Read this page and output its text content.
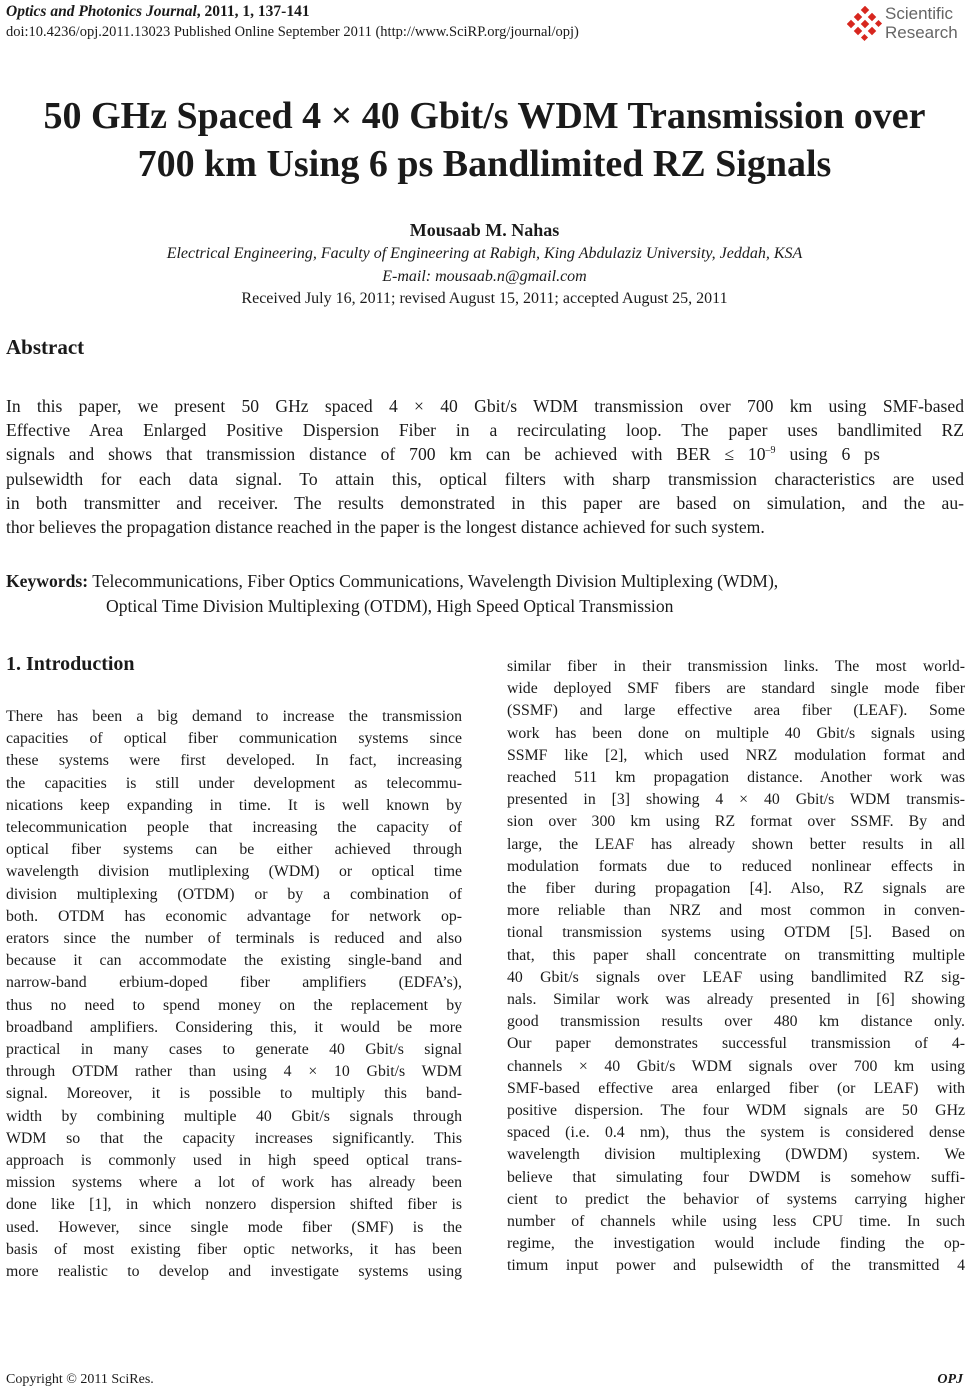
Optics and Photonics Journal, 2011, 1, 137-141
doi:10.4236/opj.2011.13023 Published Online September 2011 (http://www.SciRP.org/journal/opj)
Scientific
Research
50 GHz Spaced 4 × 40 Gbit/s WDM Transmission over
700 km Using 6 ps Bandlimited RZ Signals
Mousaab M. Nahas
Electrical Engineering, Faculty of Engineering at Rabigh, King Abdulaziz University, Jeddah, KSA
E-mail: mousaab.n@gmail.com
Received July 16, 2011; revised August 15, 2011; accepted August 25, 2011
Abstract
In this paper, we present 50 GHz spaced 4 × 40 Gbit/s WDM transmission over 700 km using SMF-based
Effective Area Enlarged Positive Dispersion Fiber in a recirculating loop. The paper uses bandlimited RZ
signals and shows that transmission distance of 700 km can be achieved with BER ≤ $10^{-9}$ using 6 ps
pulsewidth for each data signal. To attain this, optical filters with sharp transmission characteristics are used
in both transmitter and receiver. The results demonstrated in this paper are based on simulation, and the au-
thor believes the propagation distance reached in the paper is the longest distance achieved for such system.
Keywords: Telecommunications, Fiber Optics Communications, Wavelength Division Multiplexing (WDM),
Optical Time Division Multiplexing (OTDM), High Speed Optical Transmission
1. Introduction
There has been a big demand to increase the transmission
capacities of optical fiber communication systems since
these systems were first developed. In fact, increasing
the capacities is still under development as telecommu-
nications keep expanding in time. It is well known by
telecommunication people that increasing the capacity of
optical fiber systems can be either achieved through
wavelength division mutliplexing (WDM) or optical time
division multiplexing (OTDM) or by a combination of
both. OTDM has economic advantage for network op-
erators since the number of terminals is reduced and also
because it can accommodate the existing single-band and
narrow-band erbium-doped fiber amplifiers (EDFA’s),
thus no need to spend money on the replacement by
broadband amplifiers. Considering this, it would be more
practical in many cases to generate 40 Gbit/s signal
through OTDM rather than using 4 × 10 Gbit/s WDM
signal. Moreover, it is possible to multiply this band-
width by combining multiple 40 Gbit/s signals through
WDM so that the capacity increases significantly. This
approach is commonly used in high speed optical trans-
mission systems where a lot of work has already been
done like [1], in which nonzero dispersion shifted fiber is
used. However, since single mode fiber (SMF) is the
basis of most existing fiber optic networks, it has been
more realistic to develop and investigate systems using
similar fiber in their transmission links. The most world-
wide deployed SMF fibers are standard single mode fiber
(SSMF) and large effective area fiber (LEAF). Some
work has been done on multiple 40 Gbit/s signals using
SSMF like [2], which used NRZ modulation format and
reached 511 km propagation distance. Another work was
presented in [3] showing 4 × 40 Gbit/s WDM transmis-
sion over 300 km using RZ format over SSMF. By and
large, the LEAF has already shown better results in all
modulation formats due to reduced nonlinear effects in
the fiber during propagation [4]. Also, RZ signals are
more reliable than NRZ and most common in conven-
tional transmission systems using OTDM [5]. Based on
that, this paper shall concentrate on transmitting multiple
40 Gbit/s signals over LEAF using bandlimited RZ sig-
nals. Similar work was already presented in [6] showing
good transmission results over 480 km distance only.
Our paper demonstrates successful transmission of 4-
channels × 40 Gbit/s WDM signals over 700 km using
SMF-based effective area enlarged fiber (or LEAF) with
positive dispersion. The four WDM signals are 50 GHz
spaced (i.e. 0.4 nm), thus the system is considered dense
wavelength division multiplexing (DWDM) system. We
believe that simulating four DWDM is somehow suffi-
cient to predict the behavior of systems carrying higher
number of channels while using less CPU time. In such
regime, the investigation would include finding the op-
timum input power and pulsewidth of the transmitted 4
Copyright © 2011 SciRes.	OPJ
